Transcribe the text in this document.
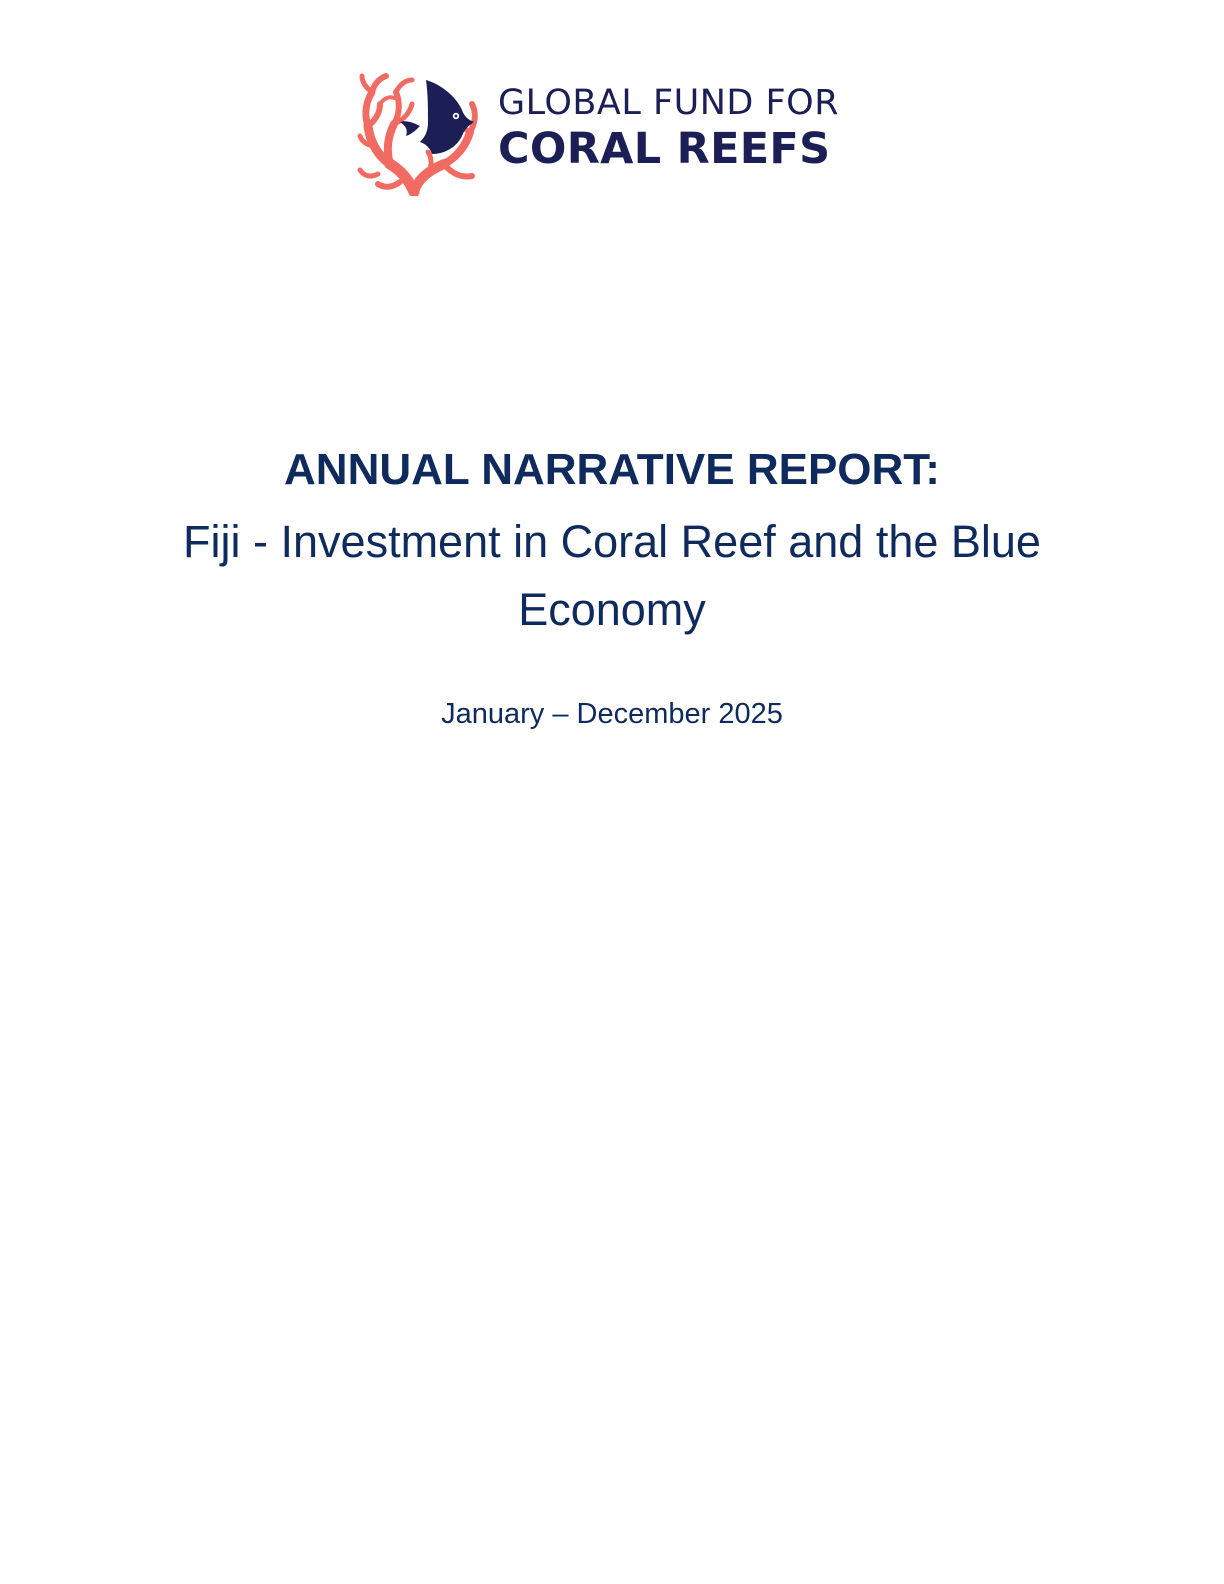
GLOBAL FUND FOR
CORAL REEFS
ANNUAL NARRATIVE REPORT:
Fiji - Investment in Coral Reef and the Blue Economy
January – December 2025
